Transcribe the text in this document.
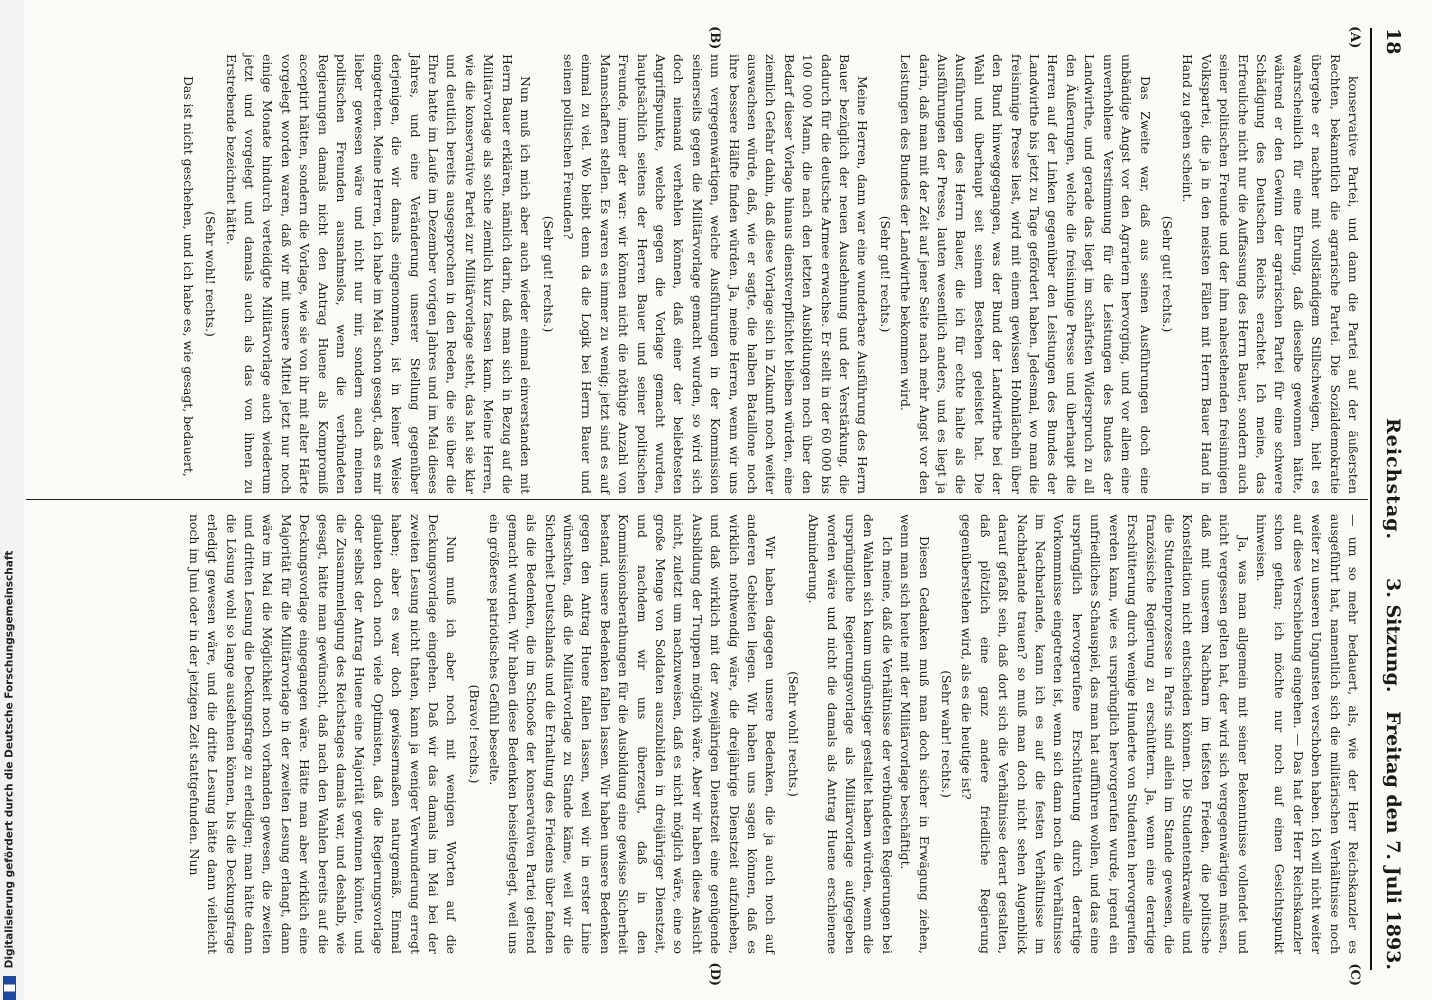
18
Reichstag.
3. Sitzung.
Freitag den 7. Juli 1893.
(A)
(B)
(C)
(D)

konservative Partei, und dann die Partei auf der äußersten Rechten, bekanntlich die agrarische Partei. Die Sozialdemokratie übergehe er nachher mit vollständigem Stillschweigen, hielt es wahrscheinlich für eine Ehrung, daß dieselbe gewonnen hätte, während er den Gewinn der agrarischen Partei für eine schwere Schädigung des Deutschen Reichs erachtet. Ich meine, das Erfreuliche nicht nur die Auffassung des Herrn Bauer, sondern auch seiner politischen Freunde und der ihm nahestehenden freisinnigen Volkspartei, die ja in den meisten Fällen mit Herrn Bauer Hand in Hand zu gehen scheint.

(Sehr gut! rechts.)

Das Zweite war, daß aus seinen Ausführungen doch eine unbändige Angst vor den Agrariern hervorging, und vor allem eine unverhohlene Verstimmung für die Leistungen des Bundes der Landwirthe, und gerade das liegt im schärfsten Widerspruch zu all den Äußerungen, welche die freisinnige Presse und überhaupt die Herren auf der Linken gegenüber den Leistungen des Bundes der Landwirthe bis jetzt zu Tage gefördert haben. Jedesmal, wo man die freisinnige Presse liest, wird mit einem gewissen Hohnlächeln über den Bund hinweggegangen, was der Bund der Landwirthe bei der Wahl und überhaupt seit seinem Bestehen geleistet hat. Die Ausführungen des Herrn Bauer, die ich für echte halte als die Ausführungen der Presse, lauten wesentlich anders, und es liegt ja darin, daß man mit der Zeit auf jener Seite nach mehr Angst vor den Leistungen des Bundes der Landwirthe bekommen wird.

(Sehr gut! rechts.)

Meine Herren, dann war eine wunderbare Ausführung des Herrn Bauer bezüglich der neuen Ausdehnung und der Verstärkung, die dadurch für die deutsche Armee erwachse. Er stellt in der 60 000 bis 100 000 Mann, die nach den letzten Ausbildungen noch über den Bedarf dieser Vorlage hinaus dienstverpflichtet bleiben würden, eine ziemlich Gefahr dahin, daß diese Vorlage sich in Zukunft noch weiter auswachsen würde, daß, wie er sagte, die halben Bataillone noch ihre bessere Hälfte finden würden. Ja, meine Herren, wenn wir uns nun vergegenwärtigen, welche Ausführungen in der Kommission seinerseits gegen die Militärvorlage gemacht wurden, so wird sich doch niemand verhehlen können, daß einer der beliebtesten Angriffspunkte, welche gegen die Vorlage gemacht wurden, hauptsächlich seitens der Herren Bauer und seiner politischen Freunde, immer der war: wir können nicht die nöthige Anzahl von Mannschaften stellen. Es waren es immer zu wenig; jetzt sind es auf einmal zu viel. Wo bleibt denn da die Logik bei Herrn Bauer und seinen politischen Freunden?

(Sehr gut! rechts.)

Nun muß ich mich aber auch wieder einmal einverstanden mit Herrn Bauer erklären, nämlich darin, daß man sich in Bezug auf die Militärvorlage als solche ziemlich kurz fassen kann. Meine Herren, wie die konservative Partei zur Militärvorlage steht, das hat sie klar und deutlich bereits ausgesprochen in den Reden, die sie über die Ehre hatte im Laufe im Dezember vorigen Jahres und im Mai dieses Jahres, und eine Veränderung unserer Stellung gegenüber derjenigen, die wir damals eingenommen, ist in keiner Weise eingetreten. Meine Herren, ich habe im Mai schon gesagt, daß es mir lieber gewesen wäre und nicht nur mir, sondern auch meinen politischen Freunden ausnahmslos, wenn die verbündeten Regierungen damals nicht den Antrag Huene als Kompromiß acceptirt hätten, sondern die Vorlage, wie sie von ihr mit alter Härte vorgelegt worden waren, daß wir mit unsere Mittel jetzt nur noch einige Monate hindurch verteidigte Militärvorlage auch wiederum jetzt und vorgelegt und damals auch als das von ihnen zu Erstrebende bezeichnet hätte.

(Sehr wohl! rechts.)

Das ist nicht geschehen, und ich habe es, wie gesagt, bedauert,

— um so mehr bedauert, als, wie der Herr Reichskanzler es ausgeführt hat, namentlich sich die militärischen Verhältnisse noch weiter zu unseren Ungunsten verschoben haben. Ich will nicht weiter auf diese Verschiebung eingehen. — Das hat der Herr Reichskanzler schon gethan; ich möchte nur noch auf einen Gesichtspunkt hinweisen.

Ja, was man allgemein mit seiner Bekenntnisse vollendet und nicht vergessen gelten hat, der wird sich vergegenwärtigen müssen, daß mit unserem Nachbarn im tiefsten Frieden, die politische Konstellation nicht entscheiden können. Die Studentenkrawalle und die Studentenprozesse in Paris sind allein im Stande gewesen, die französische Regierung zu erschüttern. Ja, wenn eine derartige Erschütterung durch wenige Hunderte von Studenten hervorgerufen werden kann, wie es ursprünglich hervorgerufen wurde, irgend ein unfriedliches Schauspiel, das man hat aufführen wollen, und das eine ursprünglich hervorgerufene Erschütterung durch derartige Vorkommnisse eingetreten ist, wenn sich dann noch die Verhältnisse im Nachbarlande, kann ich es auf die festen Verhältnisse im Nachbarlande trauen? so muß man doch nicht sehen Augenblick darauf gefaßt sein, daß dort sich die Verhältnisse derart gestalten, daß plötzlich eine ganz andere friedliche Regierung gegenüberstehen wird, als es die heutige ist?

(Sehr wahr! rechts.)

Diesen Gedanken muß man doch sicher in Erwägung ziehen, wenn man sich heute mit der Militärvorlage beschäftigt.

Ich meine, daß die Verhältnisse der verbündeten Regierungen bei den Wahlen sich kaum ungünstiger gestaltet haben würden, wenn die ursprüngliche Regierungsvorlage als Militärvorlage aufgegeben worden wäre und nicht die damals als Antrag Huene erschienene Abminderung.

(Sehr wohl! rechts.)

Wir haben dagegen unsere Bedenken, die ja auch noch auf anderen Gebieten liegen. Wir haben uns sagen können, daß es wirklich nothwendig wäre, die dreijährige Dienstzeit aufzuheben, und daß wirklich mit der zweijährigen Dienstzeit eine genügende Ausbildung der Truppen möglich wäre. Aber wir haben diese Ansicht nicht, zuletzt um nachzuweisen, daß es nicht möglich wäre, eine so große Menge von Soldaten auszubilden in dreijähriger Dienstzeit, und nachdem wir uns überzeugt, daß in den Kommissionsberathungen für die Ausbildung eine gewisse Sicherheit bestand, unsere Bedenken fallen lassen. Wir haben unsere Bedenken gegen den Antrag Huene fallen lassen, weil wir in erster Linie wünschten, daß die Militärvorlage zu Stande käme, weil wir die Sicherheit Deutschlands und die Erhaltung des Friedens über fanden als die Bedenken, die im Schooße der konservativen Partei geltend gemacht wurden. Wir haben diese Bedenken beiseitegelegt, weil uns ein größeres patriotisches Gefühl beseelte.

(Bravo! rechts.)

Nun muß ich aber noch mit wenigen Worten auf die Deckungsvorlage eingehen. Daß wir das damals im Mai bei der zweiten Lesung nicht thaten, kann ja weniger Verwunderung erregt haben; aber es war doch gewissermaßen naturgemäß. Einmal glaubten doch noch viele Optimisten, daß die Regierungsvorlage oder selbst der Antrag Huene eine Majorität gewinnen könnte, und die Zusammenlegung des Reichstages damals war, und deshalb, wie gesagt, hätte man gewünscht, daß nach den Wahlen bereits auf die Deckungsvorlage eingegangen wäre. Hätte man aber wirklich eine Majorität für die Militärvorlage in der zweiten Lesung erlangt, dann wäre im Mai die Möglichkeit noch vorhanden gewesen, die zweiten und dritten Lesung die Deckungsfrage zu erledigen; man hätte dann die Lösung wohl so lange ausdehnen können, bis die Deckungsfrage erledigt gewesen wäre, und die dritte Lesung hätte dann vielleicht noch im Juni oder in der jetzigen Zeit stattgefunden. Nun

Digitalisierung gefördert durch die Deutsche Forschungsgemeinschaft
